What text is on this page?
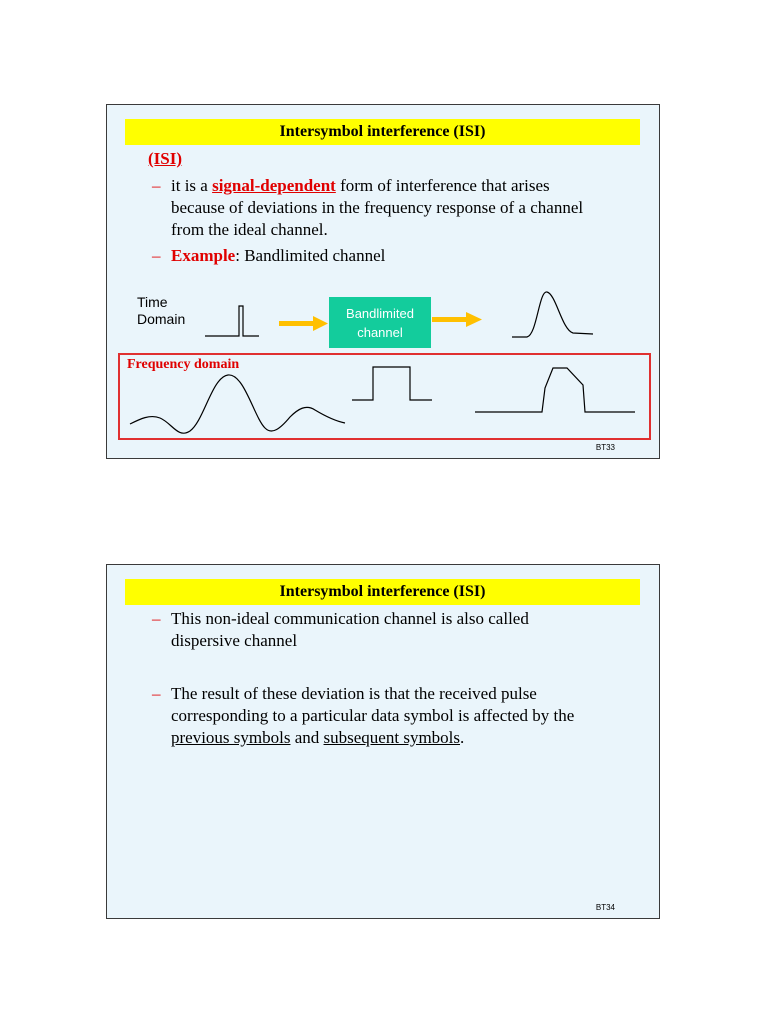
Intersymbol interference (ISI)
(ISI)
– it is a signal-dependent form of interference that arises because of deviations in the frequency response of a channel from the ideal channel.
– Example: Bandlimited channel
Time
Domain	Bandlimited
channel
Frequency domain
BT33
Intersymbol interference (ISI)
– This non-ideal communication channel is also called dispersive channel
– The result of these deviation is that the received pulse corresponding to a particular data symbol is affected by the previous symbols and subsequent symbols.
BT34
